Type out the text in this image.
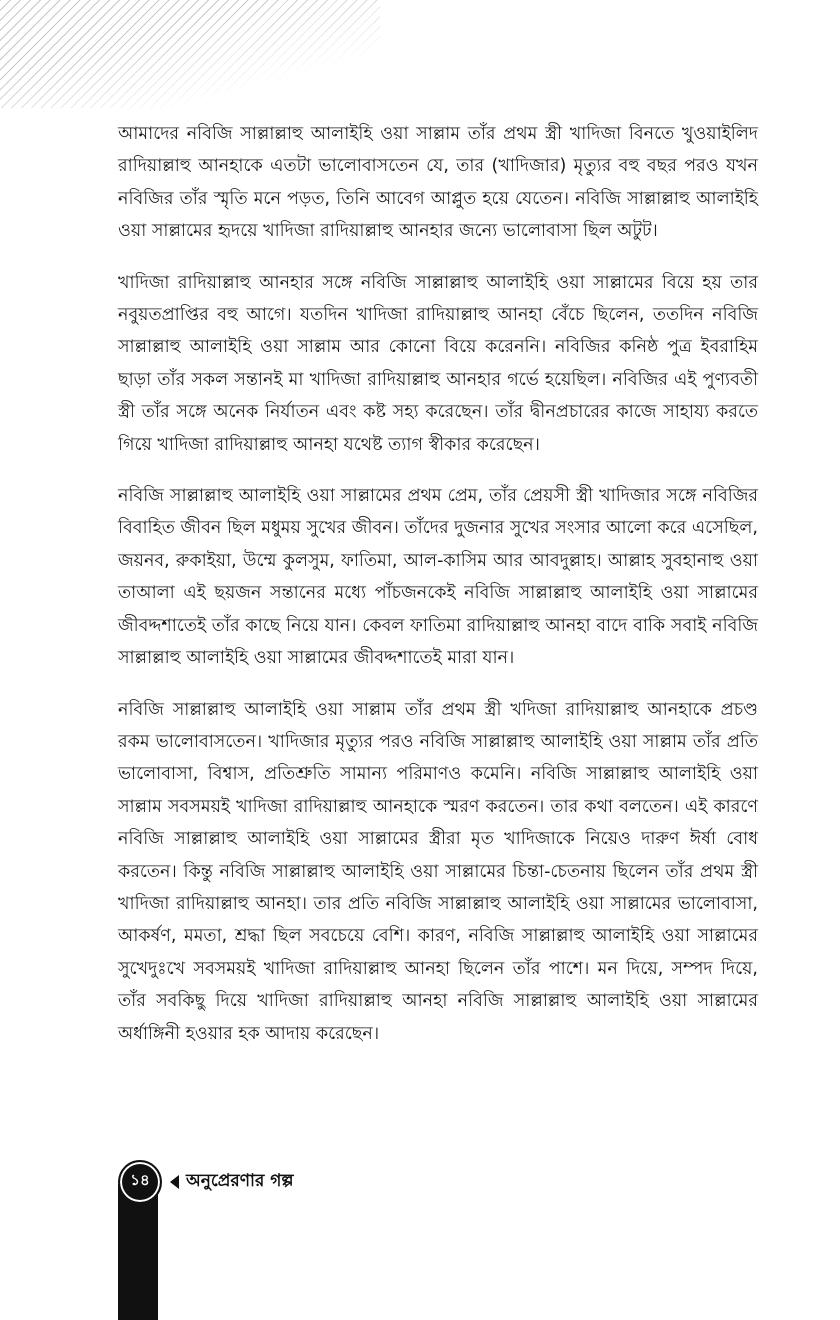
আমাদের নবিজি সাল্লাল্লাহু আলাইহি ওয়া সাল্লাম তাঁর প্রথম স্ত্রী খাদিজা বিনতে খুওয়াইলিদ রাদিয়াল্লাহু আনহাকে এতটা ভালোবাসতেন যে, তার (খাদিজার) মৃত্যুর বহু বছর পরও যখন নবিজির তাঁর স্মৃতি মনে পড়ত, তিনি আবেগ আপ্লুত হয়ে যেতেন। নবিজি সাল্লাল্লাহু আলাইহি ওয়া সাল্লামের হৃদয়ে খাদিজা রাদিয়াল্লাহু আনহার জন্যে ভালোবাসা ছিল অটুট।

খাদিজা রাদিয়াল্লাহু আনহার সঙ্গে নবিজি সাল্লাল্লাহু আলাইহি ওয়া সাল্লামের বিয়ে হয় তার নবুয়তপ্রাপ্তির বহু আগে। যতদিন খাদিজা রাদিয়াল্লাহু আনহা বেঁচে ছিলেন, ততদিন নবিজি সাল্লাল্লাহু আলাইহি ওয়া সাল্লাম আর কোনো বিয়ে করেননি। নবিজির কনিষ্ঠ পুত্র ইবরাহিম ছাড়া তাঁর সকল সন্তানই মা খাদিজা রাদিয়াল্লাহু আনহার গর্ভে হয়েছিল। নবিজির এই পুণ্যবতী স্ত্রী তাঁর সঙ্গে অনেক নির্যাতন এবং কষ্ট সহ্য করেছেন। তাঁর দ্বীনপ্রচারের কাজে সাহায্য করতে গিয়ে খাদিজা রাদিয়াল্লাহু আনহা যথেষ্ট ত্যাগ স্বীকার করেছেন।

নবিজি সাল্লাল্লাহু আলাইহি ওয়া সাল্লামের প্রথম প্রেম, তাঁর প্রেয়সী স্ত্রী খাদিজার সঙ্গে নবিজির বিবাহিত জীবন ছিল মধুময় সুখের জীবন। তাঁদের দুজনার সুখের সংসার আলো করে এসেছিল, জয়নব, রুকাইয়া, উম্মে কুলসুম, ফাতিমা, আল-কাসিম আর আবদুল্লাহ। আল্লাহ সুবহানাহু ওয়া তাআলা এই ছয়জন সন্তানের মধ্যে পাঁচজনকেই নবিজি সাল্লাল্লাহু আলাইহি ওয়া সাল্লামের জীবদ্দশাতেই তাঁর কাছে নিয়ে যান। কেবল ফাতিমা রাদিয়াল্লাহু আনহা বাদে বাকি সবাই নবিজি সাল্লাল্লাহু আলাইহি ওয়া সাল্লামের জীবদ্দশাতেই মারা যান।

নবিজি সাল্লাল্লাহু আলাইহি ওয়া সাল্লাম তাঁর প্রথম স্ত্রী খদিজা রাদিয়াল্লাহু আনহাকে প্রচণ্ড রকম ভালোবাসতেন। খাদিজার মৃত্যুর পরও নবিজি সাল্লাল্লাহু আলাইহি ওয়া সাল্লাম তাঁর প্রতি ভালোবাসা, বিশ্বাস, প্রতিশ্রুতি সামান্য পরিমাণও কমেনি। নবিজি সাল্লাল্লাহু আলাইহি ওয়া সাল্লাম সবসময়ই খাদিজা রাদিয়াল্লাহু আনহাকে স্মরণ করতেন। তার কথা বলতেন। এই কারণে নবিজি সাল্লাল্লাহু আলাইহি ওয়া সাল্লামের স্ত্রীরা মৃত খাদিজাকে নিয়েও দারুণ ঈর্ষা বোধ করতেন। কিন্তু নবিজি সাল্লাল্লাহু আলাইহি ওয়া সাল্লামের চিন্তা-চেতনায় ছিলেন তাঁর প্রথম স্ত্রী খাদিজা রাদিয়াল্লাহু আনহা। তার প্রতি নবিজি সাল্লাল্লাহু আলাইহি ওয়া সাল্লামের ভালোবাসা, আকর্ষণ, মমতা, শ্রদ্ধা ছিল সবচেয়ে বেশি। কারণ, নবিজি সাল্লাল্লাহু আলাইহি ওয়া সাল্লামের সুখেদুঃখে সবসময়ই খাদিজা রাদিয়াল্লাহু আনহা ছিলেন তাঁর পাশে। মন দিয়ে, সম্পদ দিয়ে, তাঁর সবকিছু দিয়ে খাদিজা রাদিয়াল্লাহু আনহা নবিজি সাল্লাল্লাহু আলাইহি ওয়া সাল্লামের অর্ধাঙ্গিনী হওয়ার হক আদায় করেছেন।

১৪ অনুপ্রেরণার গল্প
